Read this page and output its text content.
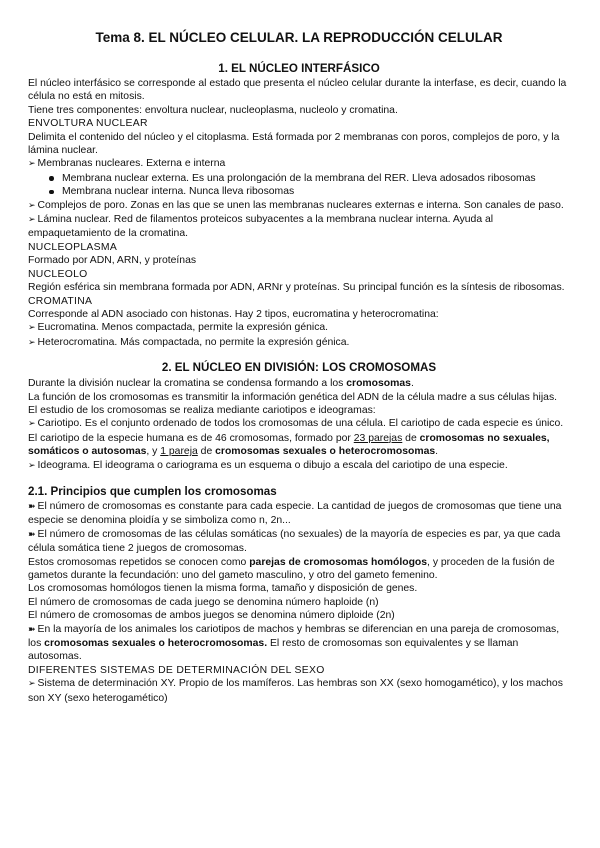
Tema 8. EL NÚCLEO CELULAR. LA REPRODUCCIÓN CELULAR
1. EL NÚCLEO INTERFÁSICO

El núcleo interfásico se corresponde al estado que presenta el núcleo celular durante la interfase, es decir, cuando la célula no está en mitosis.

Tiene tres componentes: envoltura nuclear, nucleoplasma, nucleolo y cromatina.

ENVOLTURA NUCLEAR

Delimita el contenido del núcleo y el citoplasma. Está formada por 2 membranas con poros, complejos de poro, y la lámina nuclear.

➢ Membranas nucleares. Externa e interna

Membrana nuclear externa. Es una prolongación de la membrana del RER. Lleva adosados ribosomas
Membrana nuclear interna. Nunca lleva ribosomas

➢ Complejos de poro. Zonas en las que se unen las membranas nucleares externas e interna. Son canales de paso.

➢ Lámina nuclear. Red de filamentos proteicos subyacentes a la membrana nuclear interna. Ayuda al empaquetamiento de la cromatina.

NUCLEOPLASMA

Formado por ADN, ARN, y proteínas

NUCLEOLO

Región esférica sin membrana formada por ADN, ARNr y proteínas. Su principal función es la síntesis de ribosomas.

CROMATINA

Corresponde al ADN asociado con histonas. Hay 2 tipos, eucromatina y heterocromatina:

➢ Eucromatina. Menos compactada, permite la expresión génica.

➢ Heterocromatina. Más compactada, no permite la expresión génica.

2. EL NÚCLEO EN DIVISIÓN: LOS CROMOSOMAS

Durante la división nuclear la cromatina se condensa formando a los cromosomas.

La función de los cromosomas es transmitir la información genética del ADN de la célula madre a sus células hijas.

El estudio de los cromosomas se realiza mediante cariotipos e ideogramas:

➢ Cariotipo. Es el conjunto ordenado de todos los cromosomas de una célula. El cariotipo de cada especie es único. El cariotipo de la especie humana es de 46 cromosomas, formado por 23 parejas de cromosomas no sexuales, somáticos o autosomas, y 1 pareja de cromosomas sexuales o heterocromosomas.

➢ Ideograma. El ideograma o cariograma es un esquema o dibujo a escala del cariotipo de una especie.

2.1. Principios que cumplen los cromosomas

➽ El número de cromosomas es constante para cada especie. La cantidad de juegos de cromosomas que tiene una especie se denomina ploidía y se simboliza como n, 2n...

➽ El número de cromosomas de las células somáticas (no sexuales) de la mayoría de especies es par, ya que cada célula somática tiene 2 juegos de cromosomas.

Estos cromosomas repetidos se conocen como parejas de cromosomas homólogos, y proceden de la fusión de gametos durante la fecundación: uno del gameto masculino, y otro del gameto femenino.

Los cromosomas homólogos tienen la misma forma, tamaño y disposición de genes.

El número de cromosomas de cada juego se denomina número haploide (n)

El número de cromosomas de ambos juegos se denomina número diploide (2n)

➽ En la mayoría de los animales los cariotipos de machos y hembras se diferencian en una pareja de cromosomas, los cromosomas sexuales o heterocromosomas. El resto de cromosomas son equivalentes y se llaman autosomas.

DIFERENTES SISTEMAS DE DETERMINACIÓN DEL SEXO

➢ Sistema de determinación XY. Propio de los mamíferos. Las hembras son XX (sexo homogamético), y los machos son XY (sexo heterogamético)
